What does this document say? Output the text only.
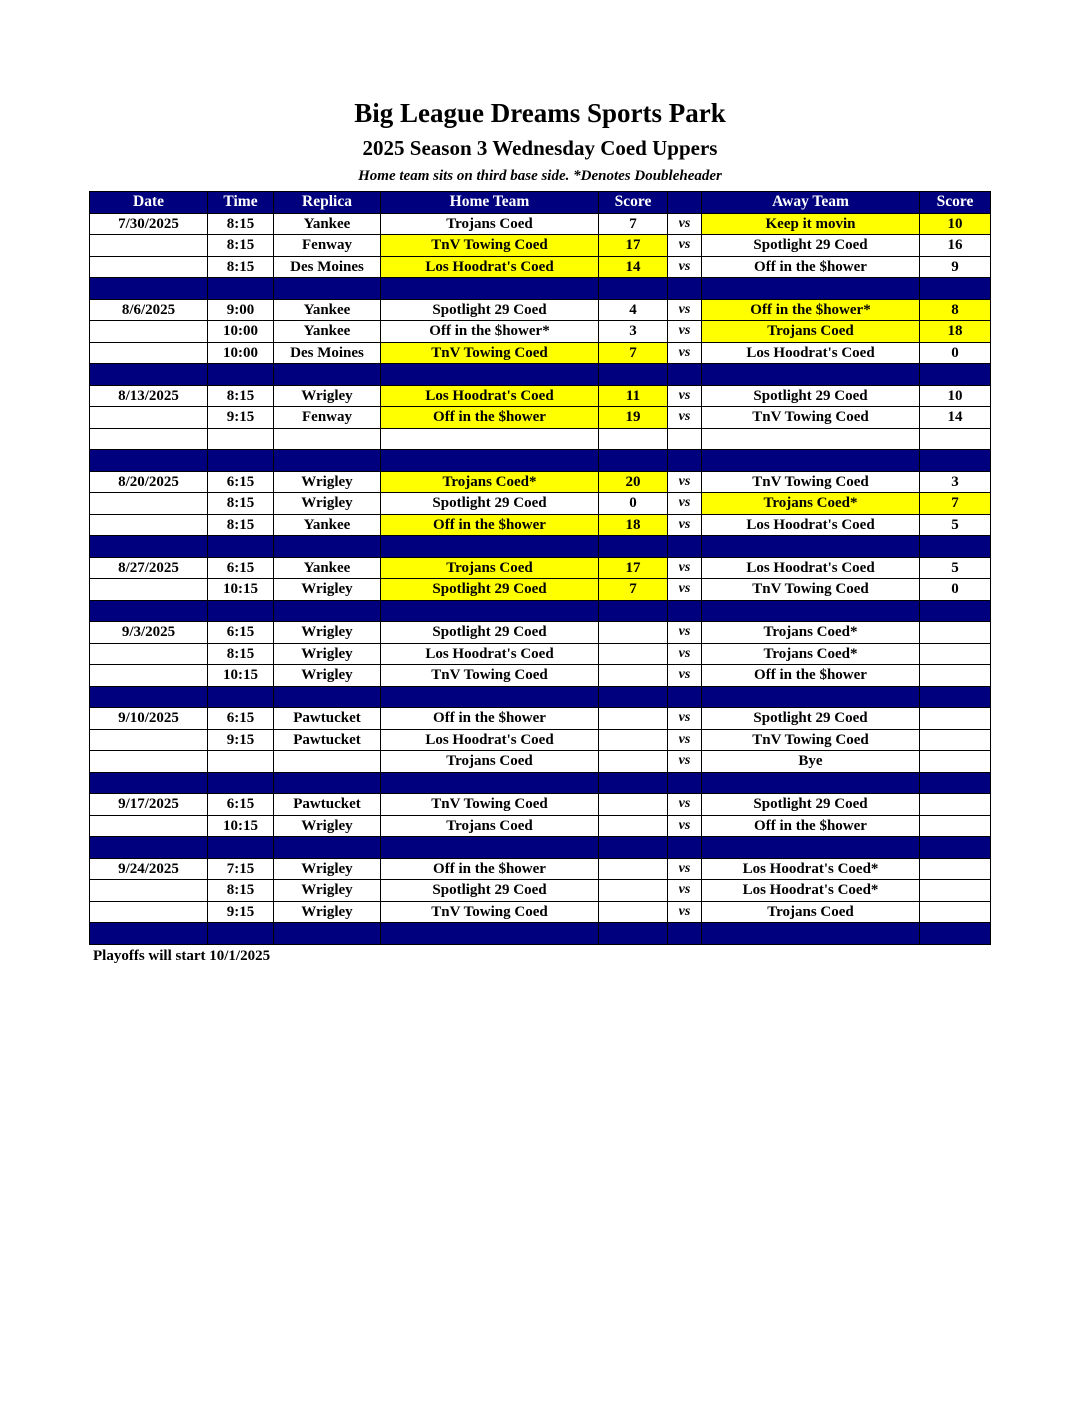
Big League Dreams Sports Park
2025 Season 3 Wednesday Coed Uppers
Home team sits on third base side. *Denotes Doubleheader
Date	Time	Replica	Home Team	Score		Away Team	Score
7/30/2025	8:15	Yankee	Trojans Coed	7	vs	Keep it movin	10
	8:15	Fenway	TnV Towing Coed	17	vs	Spotlight 29 Coed	16
	8:15	Des Moines	Los Hoodrat's Coed	14	vs	Off in the $hower	9

8/6/2025	9:00	Yankee	Spotlight 29 Coed	4	vs	Off in the $hower*	8
	10:00	Yankee	Off in the $hower*	3	vs	Trojans Coed	18
	10:00	Des Moines	TnV Towing Coed	7	vs	Los Hoodrat's Coed	0

8/13/2025	8:15	Wrigley	Los Hoodrat's Coed	11	vs	Spotlight 29 Coed	10
	9:15	Fenway	Off in the $hower	19	vs	TnV Towing Coed	14

8/20/2025	6:15	Wrigley	Trojans Coed*	20	vs	TnV Towing Coed	3
	8:15	Wrigley	Spotlight 29 Coed	0	vs	Trojans Coed*	7
	8:15	Yankee	Off in the $hower	18	vs	Los Hoodrat's Coed	5

8/27/2025	6:15	Yankee	Trojans Coed	17	vs	Los Hoodrat's Coed	5
	10:15	Wrigley	Spotlight 29 Coed	7	vs	TnV Towing Coed	0

9/3/2025	6:15	Wrigley	Spotlight 29 Coed		vs	Trojans Coed*	
	8:15	Wrigley	Los Hoodrat's Coed		vs	Trojans Coed*	
	10:15	Wrigley	TnV Towing Coed		vs	Off in the $hower	

9/10/2025	6:15	Pawtucket	Off in the $hower		vs	Spotlight 29 Coed	
	9:15	Pawtucket	Los Hoodrat's Coed		vs	TnV Towing Coed	
			Trojans Coed		vs	Bye	

9/17/2025	6:15	Pawtucket	TnV Towing Coed		vs	Spotlight 29 Coed	
	10:15	Wrigley	Trojans Coed		vs	Off in the $hower	

9/24/2025	7:15	Wrigley	Off in the $hower		vs	Los Hoodrat's Coed*	
	8:15	Wrigley	Spotlight 29 Coed		vs	Los Hoodrat's Coed*	
	9:15	Wrigley	TnV Towing Coed		vs	Trojans Coed	

Playoffs will start 10/1/2025
